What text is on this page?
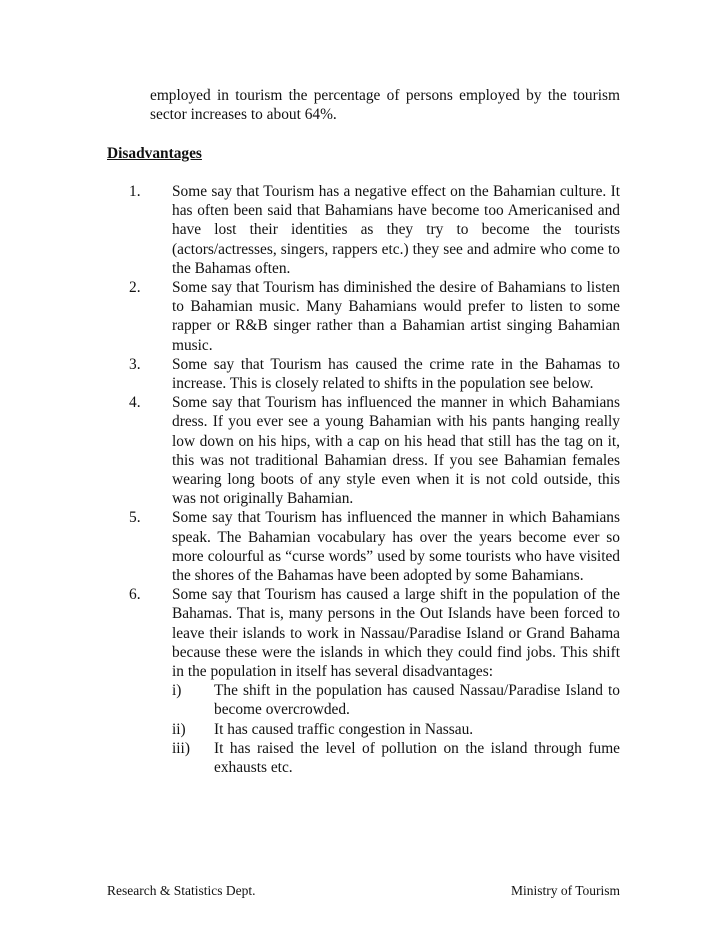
employed in tourism the percentage of persons employed by the tourism sector increases to about 64%.
Disadvantages
1. Some say that Tourism has a negative effect on the Bahamian culture. It has often been said that Bahamians have become too Americanised and have lost their identities as they try to become the tourists (actors/actresses, singers, rappers etc.) they see and admire who come to the Bahamas often.
2. Some say that Tourism has diminished the desire of Bahamians to listen to Bahamian music. Many Bahamians would prefer to listen to some rapper or R&B singer rather than a Bahamian artist singing Bahamian music.
3. Some say that Tourism has caused the crime rate in the Bahamas to increase. This is closely related to shifts in the population see below.
4. Some say that Tourism has influenced the manner in which Bahamians dress. If you ever see a young Bahamian with his pants hanging really low down on his hips, with a cap on his head that still has the tag on it, this was not traditional Bahamian dress. If you see Bahamian females wearing long boots of any style even when it is not cold outside, this was not originally Bahamian.
5. Some say that Tourism has influenced the manner in which Bahamians speak. The Bahamian vocabulary has over the years become ever so more colourful as “curse words” used by some tourists who have visited the shores of the Bahamas have been adopted by some Bahamians.
6. Some say that Tourism has caused a large shift in the population of the Bahamas. That is, many persons in the Out Islands have been forced to leave their islands to work in Nassau/Paradise Island or Grand Bahama because these were the islands in which they could find jobs. This shift in the population in itself has several disadvantages:
i) The shift in the population has caused Nassau/Paradise Island to become overcrowded.
ii) It has caused traffic congestion in Nassau.
iii) It has raised the level of pollution on the island through fume exhausts etc.
Research & Statistics Dept.	Ministry of Tourism
